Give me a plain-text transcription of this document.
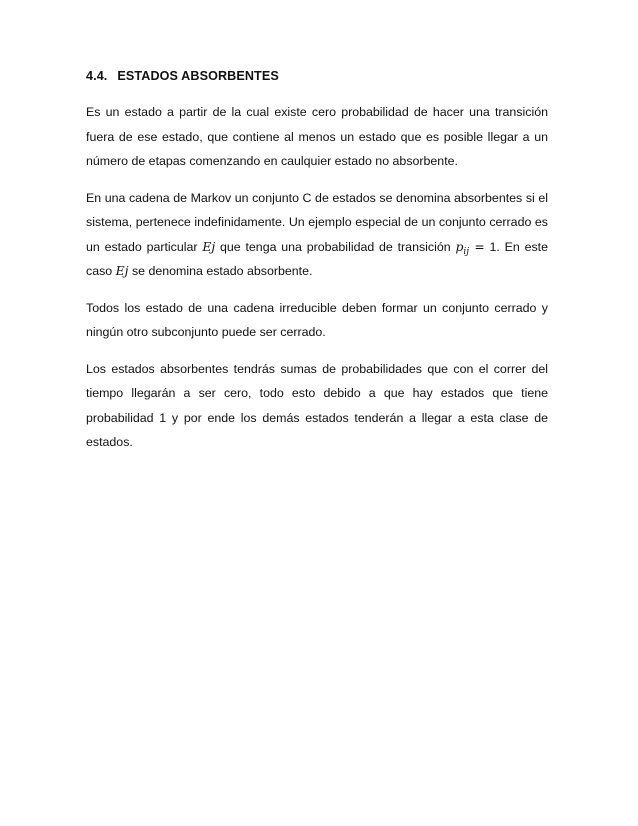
4.4. ESTADOS ABSORBENTES

Es un estado a partir de la cual existe cero probabilidad de hacer una transición fuera de ese estado, que contiene al menos un estado que es posible llegar a un número de etapas comenzando en caulquier estado no absorbente.

En una cadena de Markov un conjunto C de estados se denomina absorbentes si el sistema, pertenece indefinidamente. Un ejemplo especial de un conjunto cerrado es un estado particular Ej que tenga una probabilidad de transición $p_{ij} = 1$. En este caso Ej se denomina estado absorbente.

Todos los estado de una cadena irreducible deben formar un conjunto cerrado y ningún otro subconjunto puede ser cerrado.

Los estados absorbentes tendrás sumas de probabilidades que con el correr del tiempo llegarán a ser cero, todo esto debido a que hay estados que tiene probabilidad 1 y por ende los demás estados tenderán a llegar a esta clase de estados.
